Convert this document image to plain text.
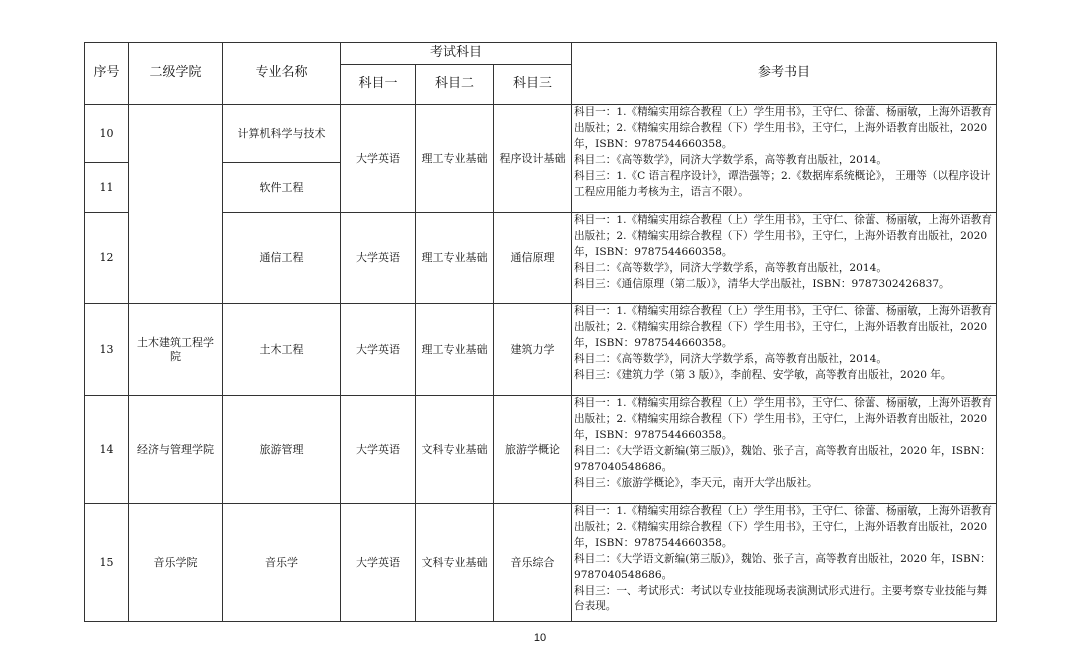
序号	二级学院	专业名称	考试科目			参考书目
			科目一	科目二	科目三	
10		计算机科学与技术	大学英语	理工专业基础	程序设计基础	科目一：1.《精编实用综合教程（上）学生用书》，王守仁、徐蕾、杨丽敏，上海外语教育出版社；2.《精编实用综合教程（下）学生用书》，王守仁，上海外语教育出版社，2020 年，ISBN：9787544660358。
科目二：《高等数学》，同济大学数学系，高等教育出版社，2014。
科目三：1.《C 语言程序设计》，谭浩强等；2.《数据库系统概论》， 王珊等（以程序设计工程应用能力考核为主，语言不限）。

11		软件工程				
12		通信工程	大学英语	理工专业基础	通信原理	科目一：1.《精编实用综合教程（上）学生用书》，王守仁、徐蕾、杨丽敏，上海外语教育出版社；2.《精编实用综合教程（下）学生用书》，王守仁，上海外语教育出版社，2020 年，ISBN：9787544660358。
科目二：《高等数学》，同济大学数学系，高等教育出版社，2014。
科目三：《通信原理（第二版）》，清华大学出版社，ISBN：9787302426837。

13	土木建筑工程学院	土木工程	大学英语	理工专业基础	建筑力学	科目一：1.《精编实用综合教程（上）学生用书》，王守仁、徐蕾、杨丽敏，上海外语教育出版社；2.《精编实用综合教程（下）学生用书》，王守仁，上海外语教育出版社，2020 年，ISBN：9787544660358。
科目二：《高等数学》，同济大学数学系，高等教育出版社，2014。
科目三：《建筑力学（第 3 版）》，李前程、安学敏，高等教育出版社，2020 年。

14	经济与管理学院	旅游管理	大学英语	文科专业基础	旅游学概论	科目一：1.《精编实用综合教程（上）学生用书》，王守仁、徐蕾、杨丽敏，上海外语教育出版社；2.《精编实用综合教程（下）学生用书》，王守仁，上海外语教育出版社，2020 年，ISBN：9787544660358。
科目二：《大学语文新编(第三版)》，魏饴、张子言，高等教育出版社，2020 年，ISBN：9787040548686。
科目三：《旅游学概论》，李天元，南开大学出版社。

15	音乐学院	音乐学	大学英语	文科专业基础	音乐综合	科目一：1.《精编实用综合教程（上）学生用书》，王守仁、徐蕾、杨丽敏，上海外语教育出版社；2.《精编实用综合教程（下）学生用书》，王守仁，上海外语教育出版社，2020 年，ISBN：9787544660358。
科目二：《大学语文新编(第三版)》，魏饴、张子言，高等教育出版社，2020 年，ISBN：9787040548686。
科目三：一、考试形式：考试以专业技能现场表演测试形式进行。主要考察专业技能与舞台表现。
10
